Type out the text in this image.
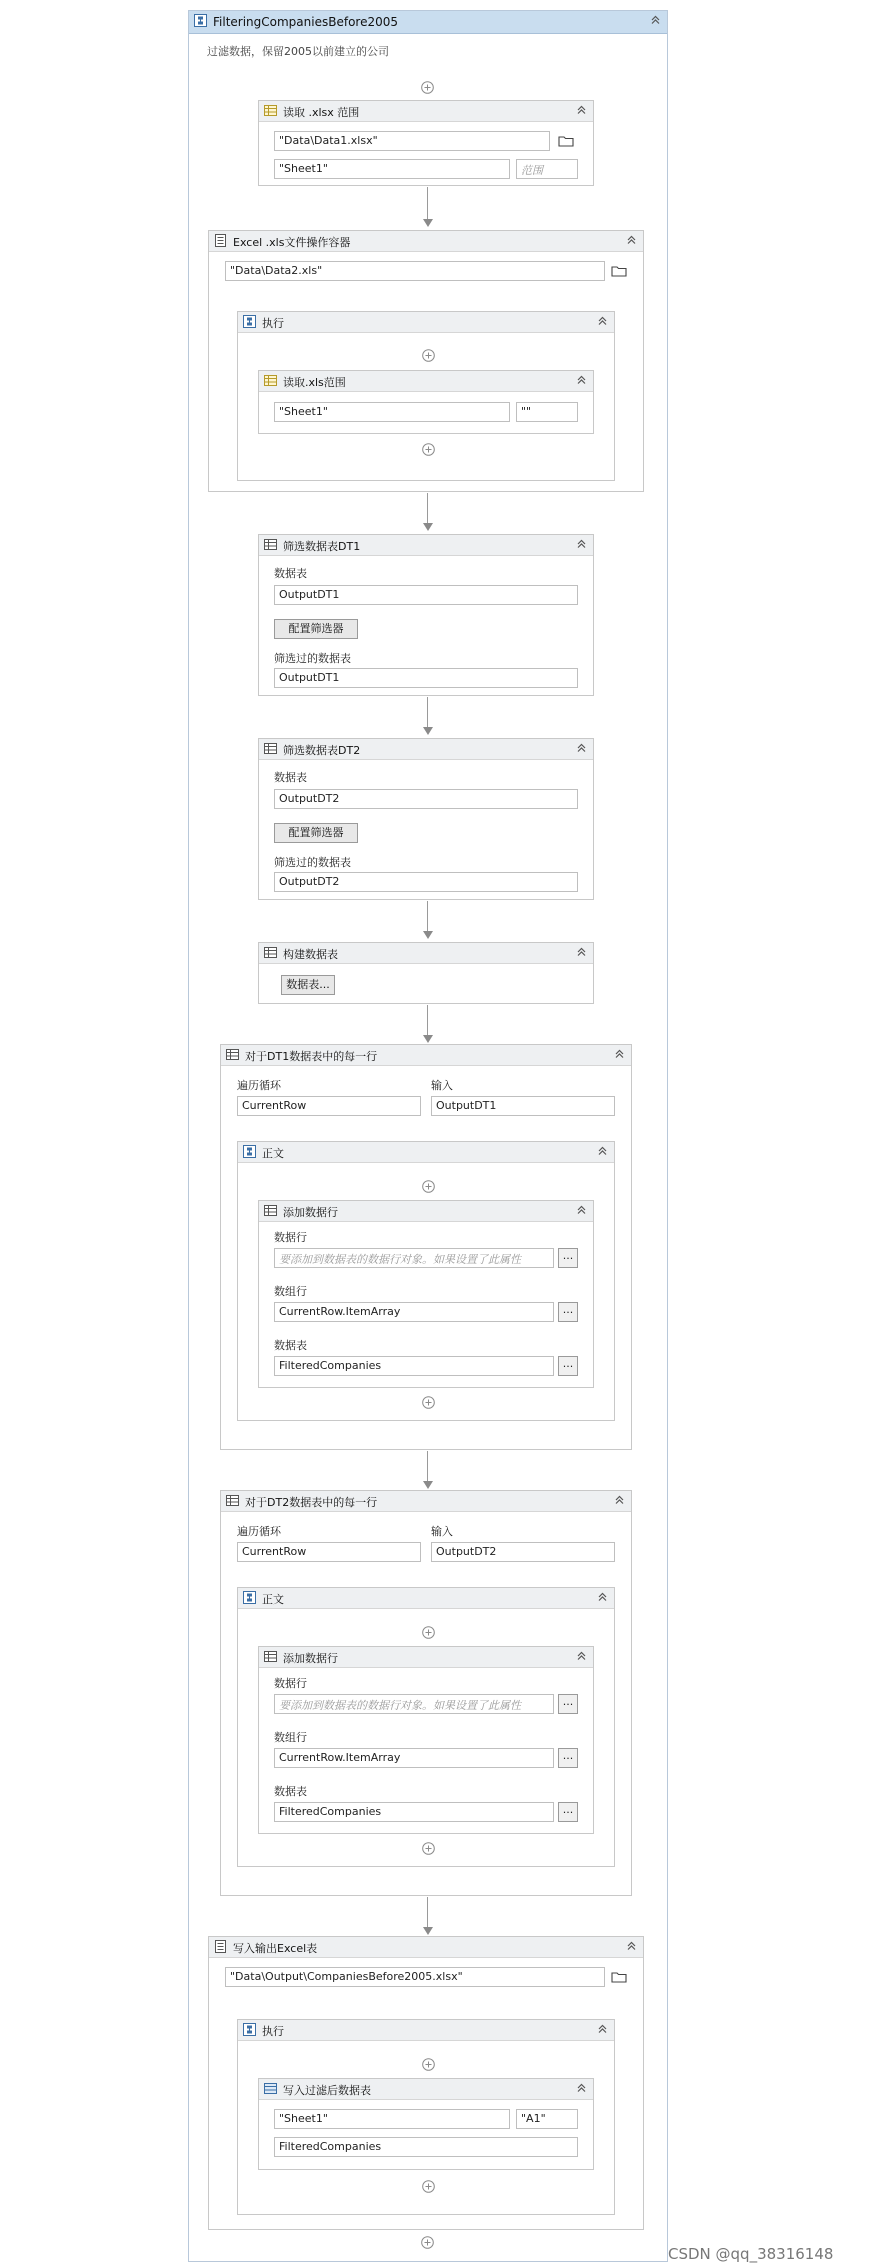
FilteringCompaniesBefore2005
过滤数据，保留2005以前建立的公司
读取 .xlsx 范围
"Data\Data1.xlsx"
"Sheet1"	范围
Excel .xls文件操作容器
"Data\Data2.xls"
执行
读取.xls范围
"Sheet1"	""
筛选数据表DT1
数据表
OutputDT1
配置筛选器
筛选过的数据表
OutputDT1
筛选数据表DT2
数据表
OutputDT2
配置筛选器
筛选过的数据表
OutputDT2
构建数据表
数据表...
对于DT1数据表中的每一行
遍历循环	输入
CurrentRow	OutputDT1
正文
添加数据行
数据行
要添加到数据表的数据行对象。如果设置了此属性	...
数组行
CurrentRow.ItemArray	...
数据表
FilteredCompanies	...
对于DT2数据表中的每一行
遍历循环	输入
CurrentRow	OutputDT2
正文
添加数据行
数据行
要添加到数据表的数据行对象。如果设置了此属性	...
数组行
CurrentRow.ItemArray	...
数据表
FilteredCompanies	...
写入输出Excel表
"Data\Output\CompaniesBefore2005.xlsx"
执行
写入过滤后数据表
"Sheet1"	"A1"
FilteredCompanies
CSDN @qq_38316148
